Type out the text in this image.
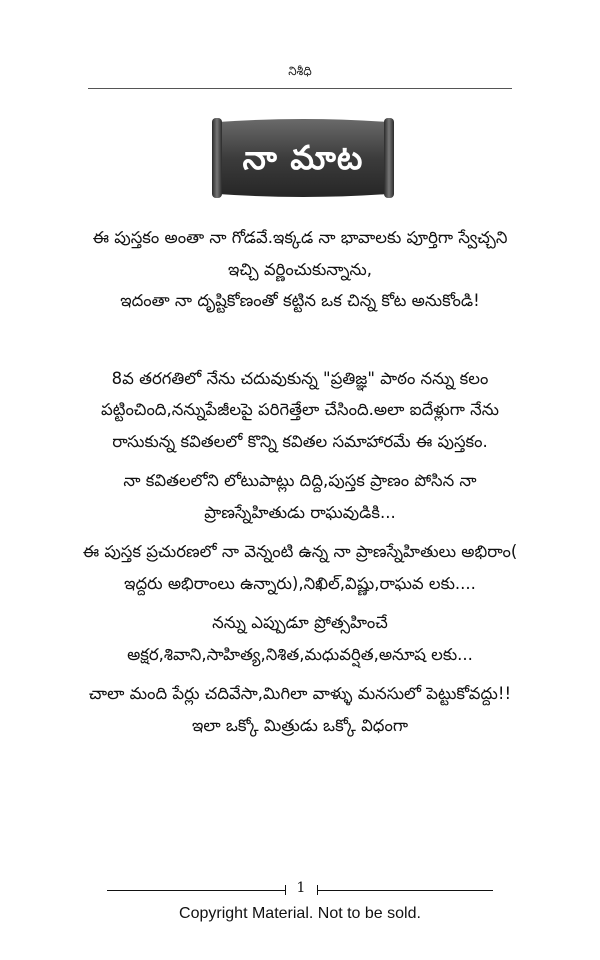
నిశీధి
నా మాట

ఈ పుస్తకం అంతా నా గోడవే.ఇక్కడ నా భావాలకు పూర్తిగా స్వేచ్చని ఇచ్చి వర్ణించుకున్నాను,

ఇదంతా నా దృష్టికోణంతో కట్టిన ఒక చిన్న కోట అనుకోండి!

8వ తరగతిలో నేను చదువుకున్న "ప్రతిజ్ఞ" పాఠం నన్ను కలం పట్టించింది,నన్నుపేజీలపై పరిగెత్తేలా చేసింది.అలా ఐదేళ్లుగా నేను రాసుకున్న కవితలలో కొన్ని కవితల సమాహారమే ఈ పుస్తకం.

నా కవితలలోని లోటుపాట్లు దిద్ది,పుస్తక ప్రాణం పోసిన నా ప్రాణస్నేహితుడు రాఘవుడికి...

ఈ పుస్తక ప్రచురణలో నా వెన్నంటి ఉన్న నా ప్రాణస్నేహితులు అభిరాం( ఇద్దరు అభిరాంలు ఉన్నారు),నిఖిల్,విష్ణు,రాఘవ లకు....

నన్ను ఎప్పుడూ ప్రోత్సహించే అక్షర,శివాని,సాహిత్య,నిశిత,మధువర్షిత,అనూష లకు...

చాలా మంది పేర్లు చదివేసా,మిగిలా వాళ్ళు మనసులో పెట్టుకోవద్దు!! ఇలా ఒక్కో మిత్రుడు ఒక్కో విధంగా

1
Copyright Material. Not to be sold.
